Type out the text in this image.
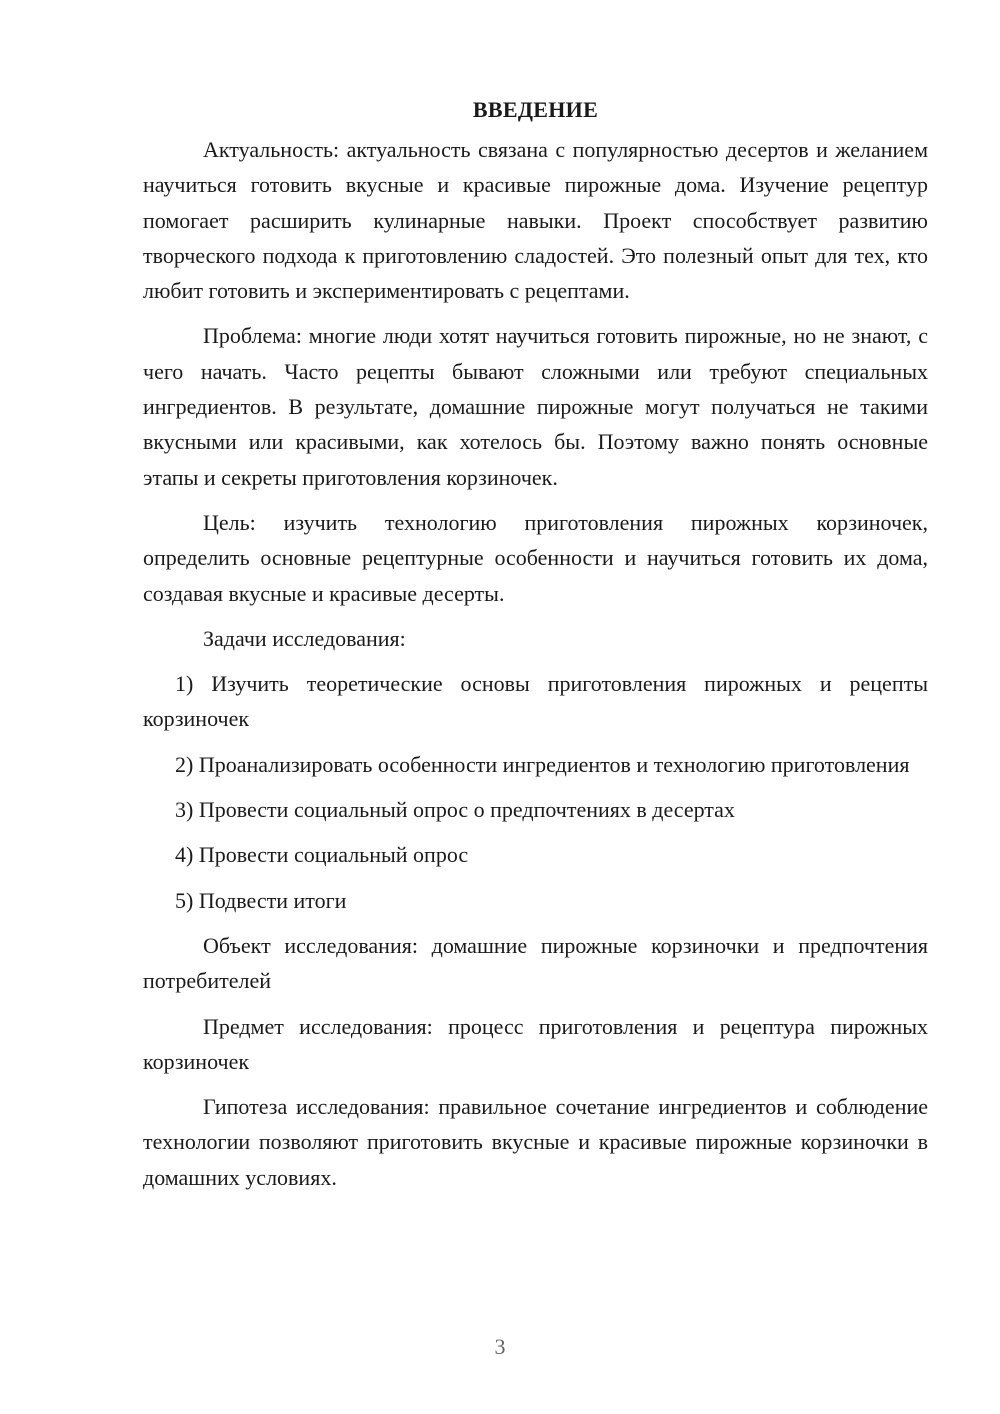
ВВЕДЕНИЕ

Актуальность: актуальность связана с популярностью десертов и желанием научиться готовить вкусные и красивые пирожные дома. Изучение рецептур помогает расширить кулинарные навыки. Проект способствует развитию творческого подхода к приготовлению сладостей. Это полезный опыт для тех, кто любит готовить и экспериментировать с рецептами.

Проблема: многие люди хотят научиться готовить пирожные, но не знают, с чего начать. Часто рецепты бывают сложными или требуют специальных ингредиентов. В результате, домашние пирожные могут получаться не такими вкусными или красивыми, как хотелось бы. Поэтому важно понять основные этапы и секреты приготовления корзиночек.

Цель: изучить технологию приготовления пирожных корзиночек, определить основные рецептурные особенности и научиться готовить их дома, создавая вкусные и красивые десерты.

Задачи исследования:

1) Изучить теоретические основы приготовления пирожных и рецепты корзиночек

2) Проанализировать особенности ингредиентов и технологию приготовления

3) Провести социальный опрос о предпочтениях в десертах

4) Провести социальный опрос

5) Подвести итоги

Объект исследования: домашние пирожные корзиночки и предпочтения потребителей

Предмет исследования: процесс приготовления и рецептура пирожных корзиночек

Гипотеза исследования: правильное сочетание ингредиентов и соблюдение технологии позволяют приготовить вкусные и красивые пирожные корзиночки в домашних условиях.

3
